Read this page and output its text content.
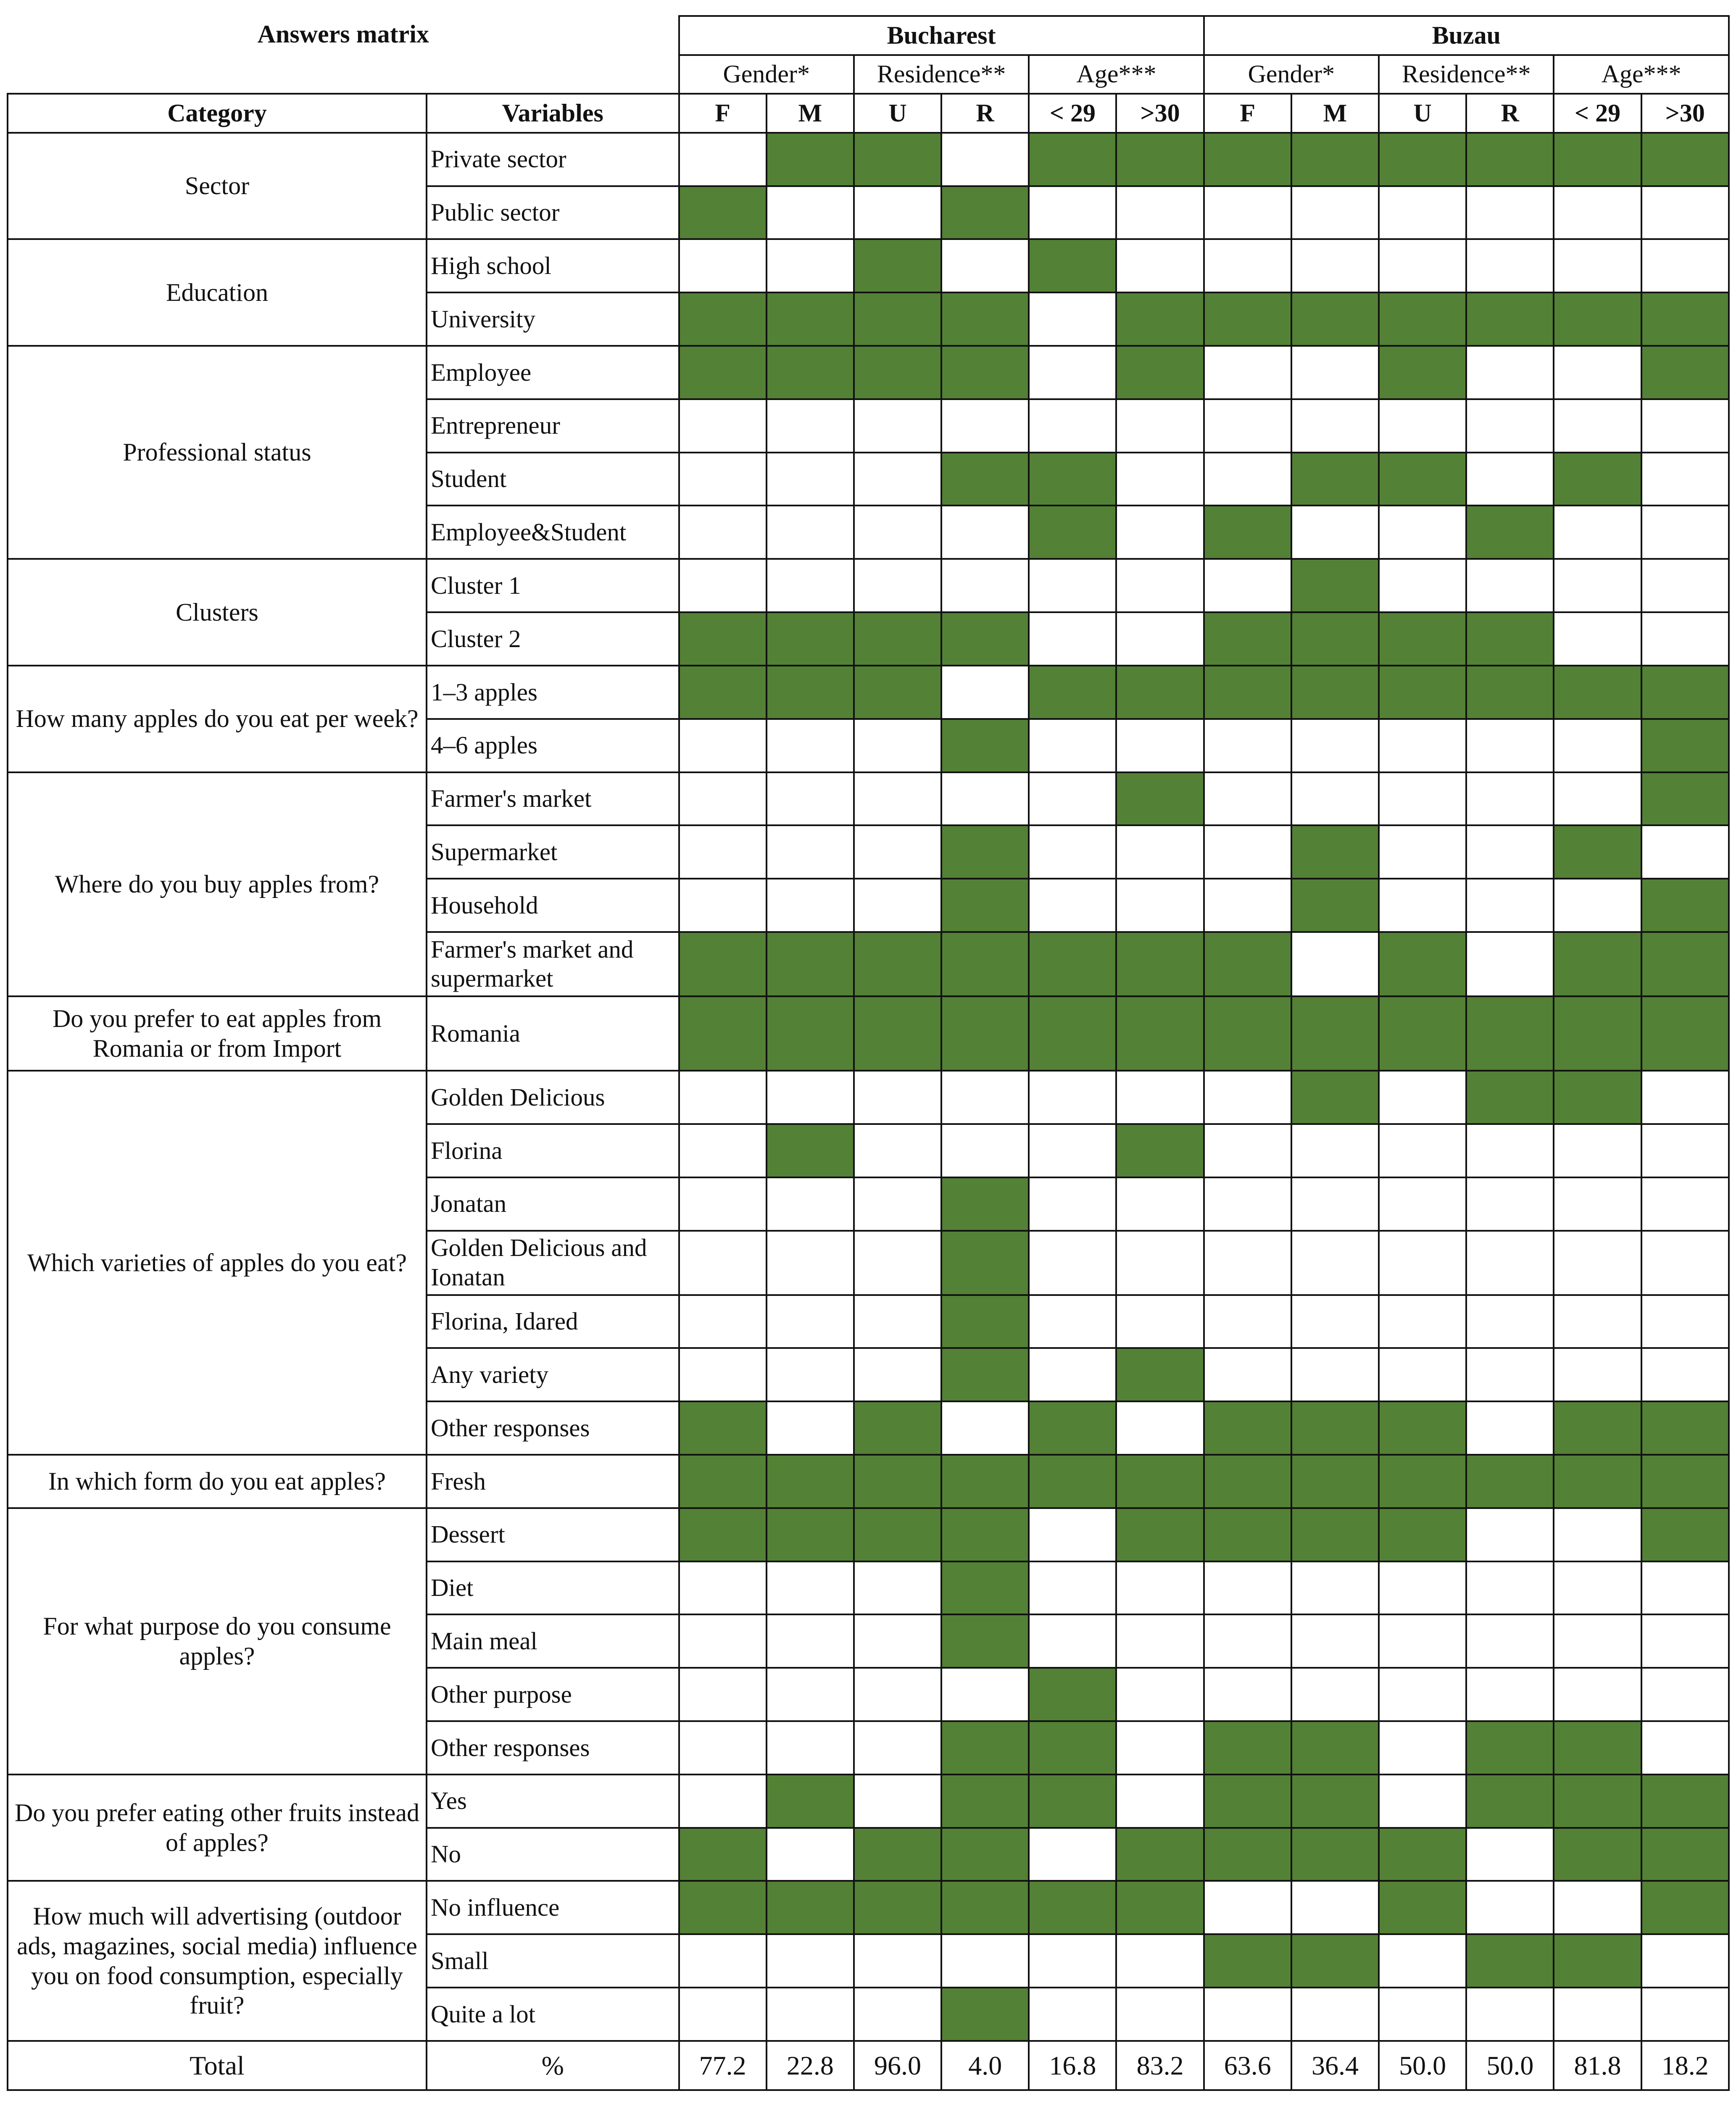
Answers matrix		Bucharest						Buzau					
		Gender*		Residence**		Age***		Gender*		Residence**		Age***	
Category	Variables	F	M	U	R	< 29	>30	F	M	U	R	< 29	>30
Sector	Private sector												
	Public sector												
Education	High school												
	University												
Professional status	Employee												
	Entrepreneur												
	Student												
	Employee&Student												
Clusters	Cluster 1												
	Cluster 2												
How many apples do you eat per week?	1–3 apples												
	4–6 apples												
Where do you buy apples from?	Farmer's market												
	Supermarket												
	Household												
	Farmer's market and supermarket												
Do you prefer to eat apples from Romania or from Import	Romania												
Which varieties of apples do you eat?	Golden Delicious												
	Florina												
	Jonatan												
	Golden Delicious and Ionatan												
	Florina, Idared												
	Any variety												
	Other responses												
In which form do you eat apples?	Fresh												
For what purpose do you consume apples?	Dessert												
	Diet												
	Main meal												
	Other purpose												
	Other responses												
Do you prefer eating other fruits instead of apples?	Yes												
	No												
How much will advertising (outdoor ads, magazines, social media) influence you on food consumption, especially fruit?	No influence												
	Small												
	Quite a lot												
Total	%	77.2	22.8	96.0	4.0	16.8	83.2	63.6	36.4	50.0	50.0	81.8	18.2
